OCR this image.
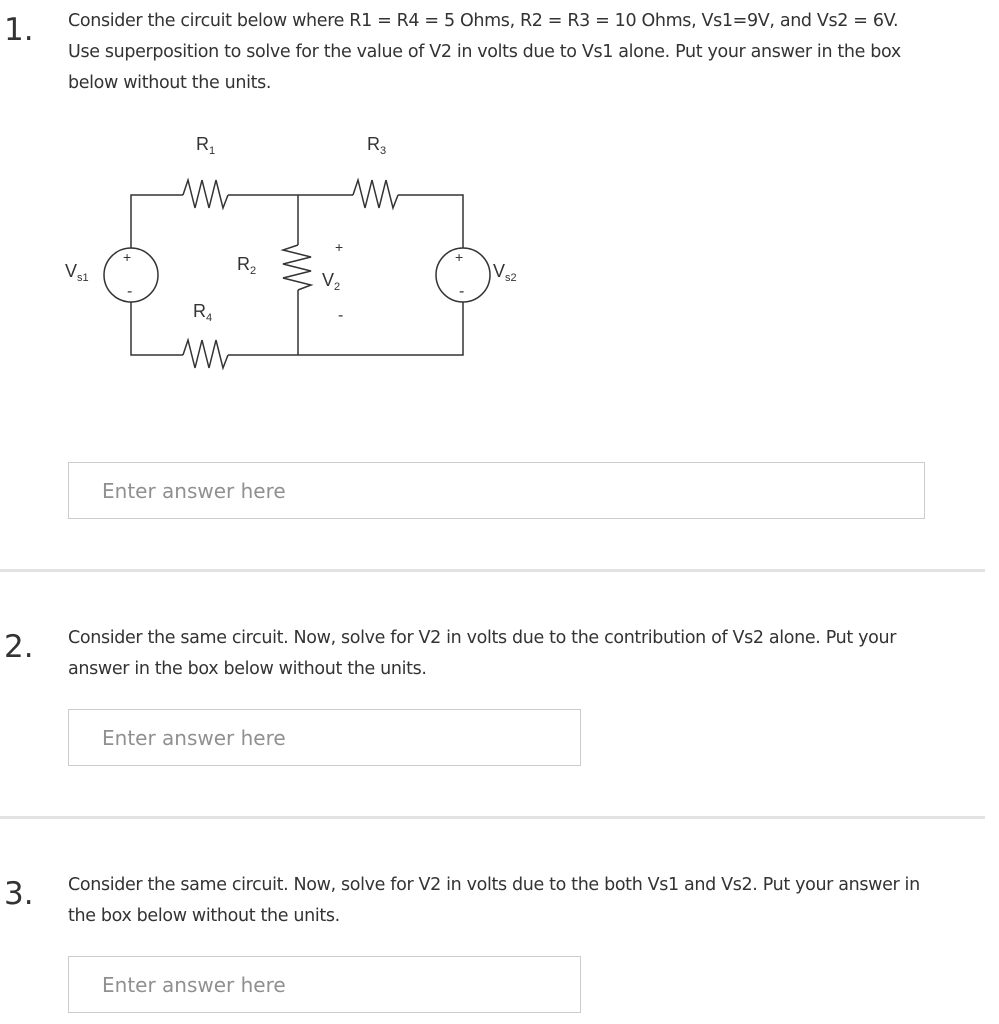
1. Consider the circuit below where R1 = R4 = 5 Ohms, R2 = R3 = 10 Ohms, Vs1=9V, and Vs2 = 6V. Use superposition to solve for the value of V2 in volts due to Vs1 alone. Put your answer in the box below without the units.

$R_1$	$R_3$
$R_2$
$R_4$
$V_{s1}$	$V_{s2}$
$V_2$
+
-
+
-
+
-
Enter answer here
2. Consider the same circuit. Now, solve for V2 in volts due to the contribution of Vs2 alone. Put your answer in the box below without the units.

Enter answer here
3. Consider the same circuit. Now, solve for V2 in volts due to the both Vs1 and Vs2. Put your answer in the box below without the units.

Enter answer here
